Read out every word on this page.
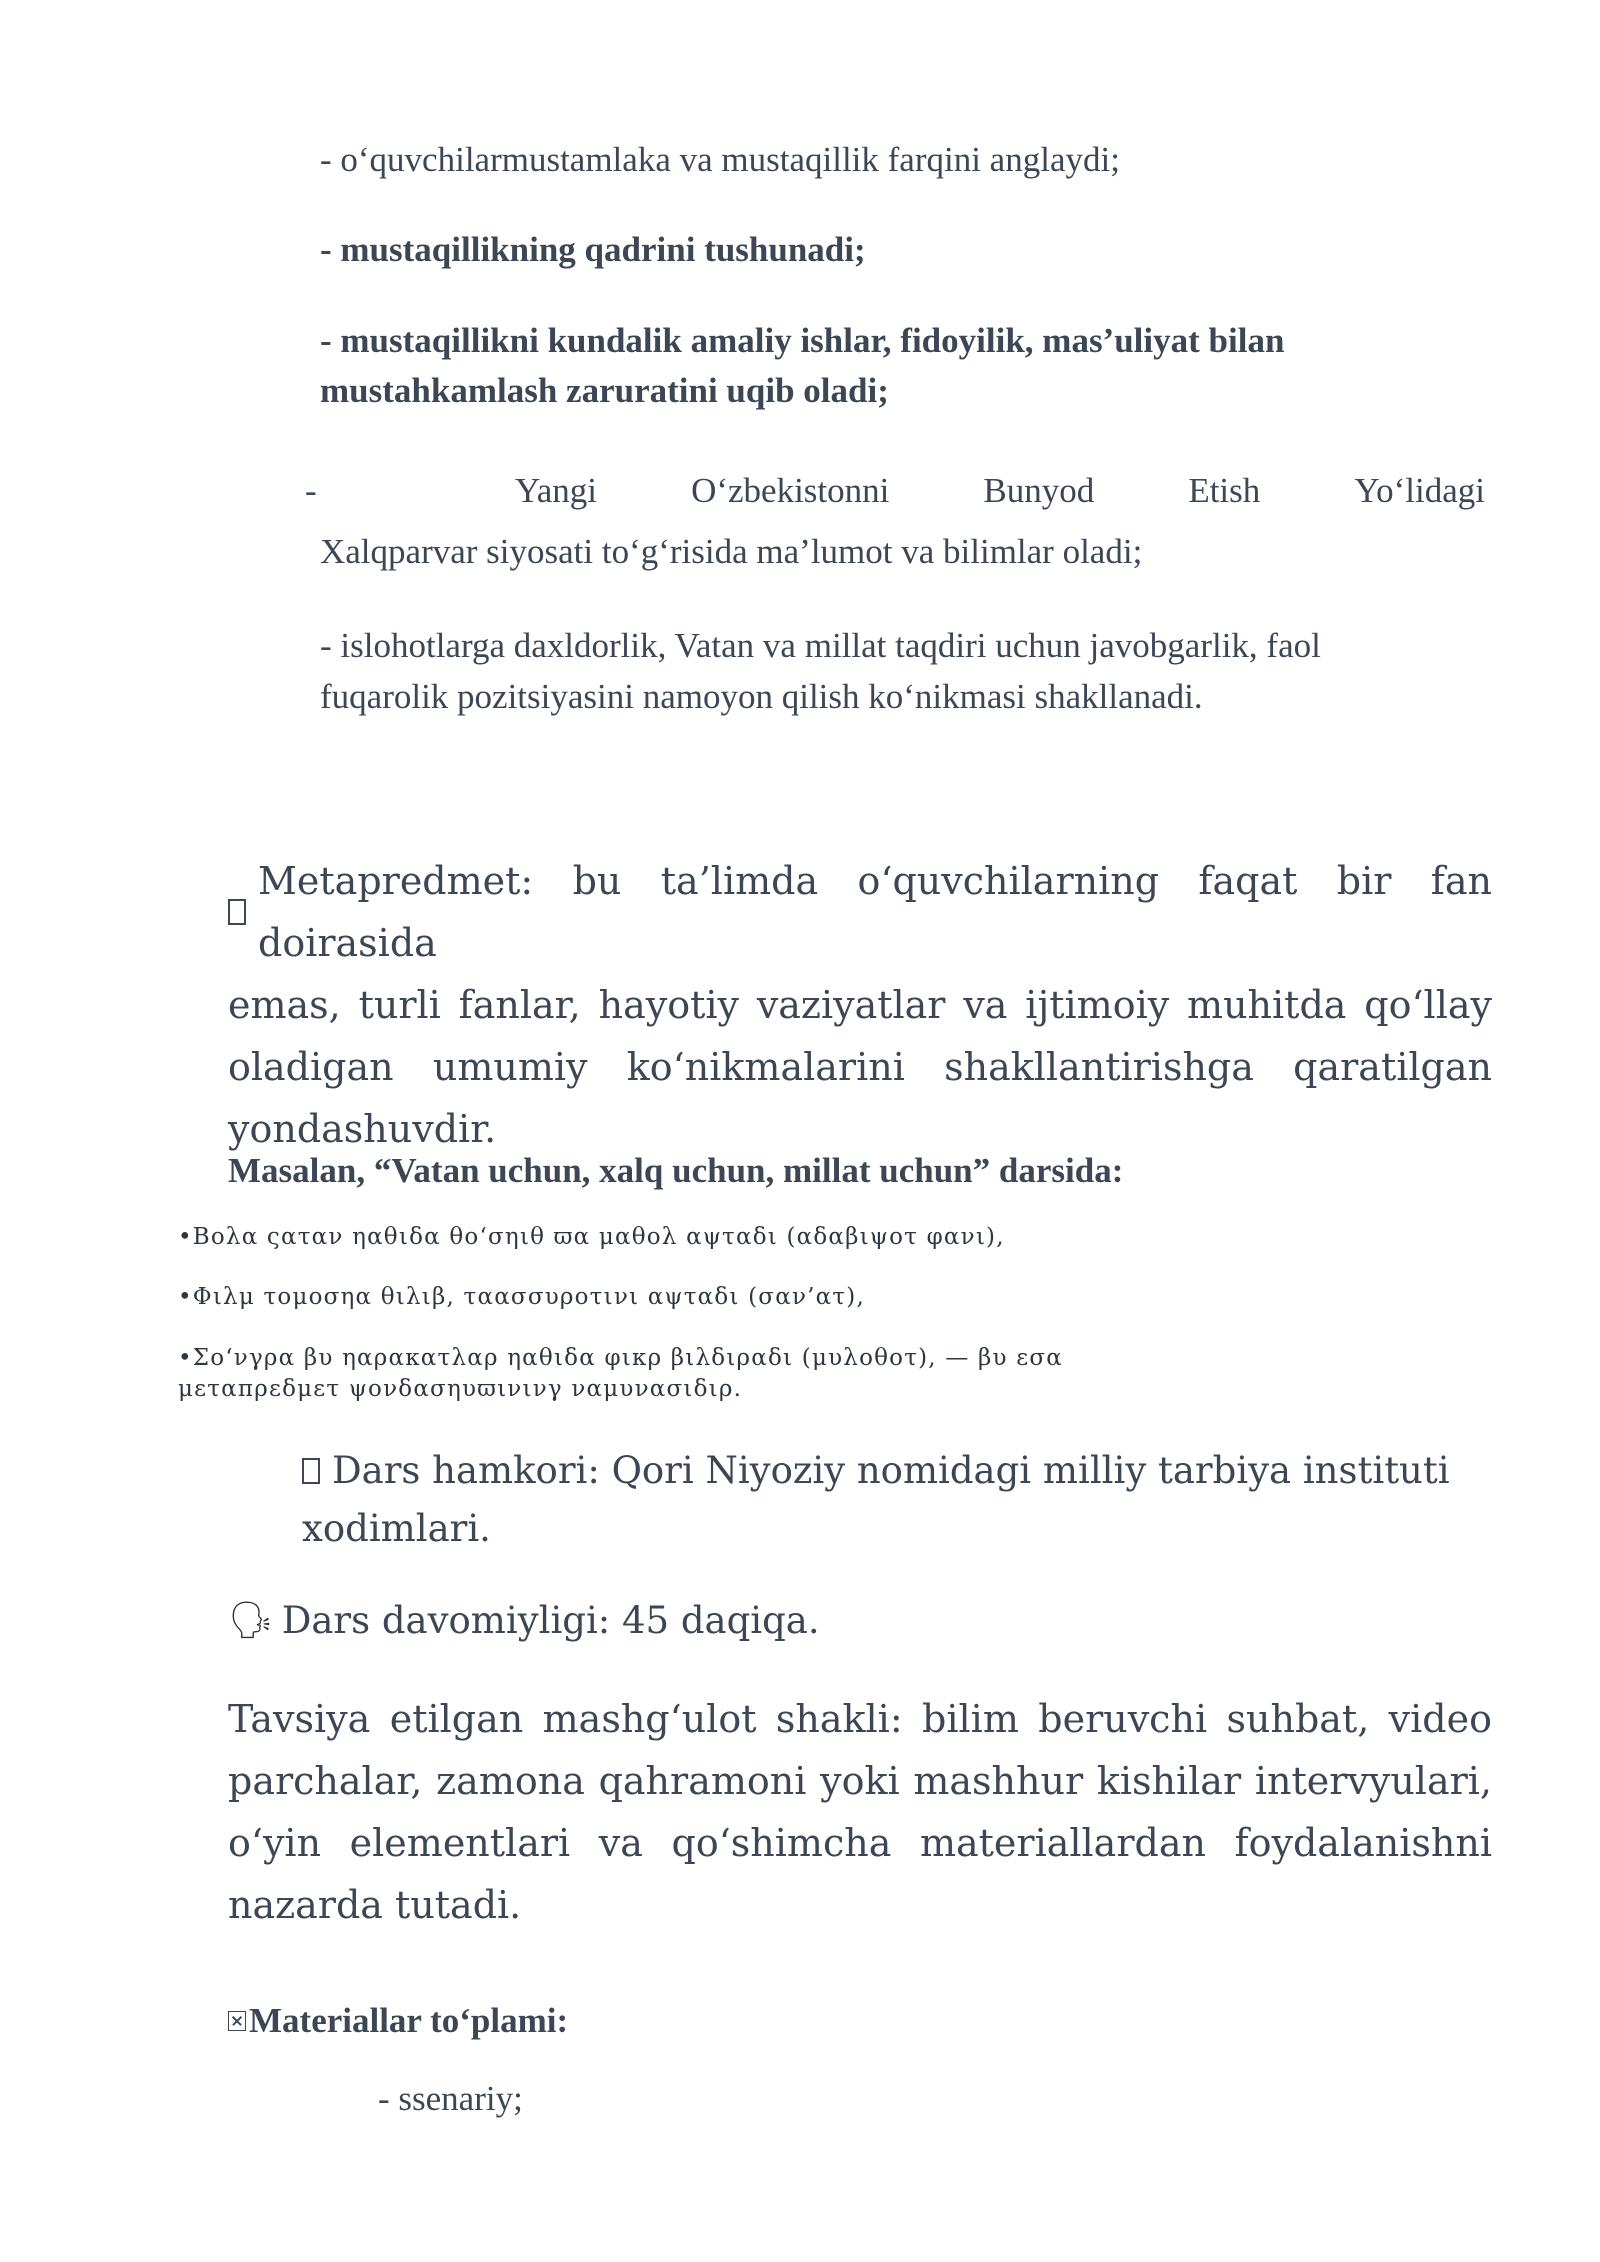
- o‘quvchilarmustamlaka va mustaqillik farqini anglaydi;
- mustaqillikning qadrini tushunadi;
- mustaqillikni kundalik amaliy ishlar, fidoyilik, mas’uliyat bilan
mustahkamlash zaruratini uqib oladi;
-	Yangi	O‘zbekistonni	Bunyod	Etish	Yo‘lidagi
Xalqparvar siyosati to‘g‘risida ma’lumot va bilimlar oladi;
- islohotlarga daxldorlik, Vatan va millat taqdiri uchun javobgarlik, faol
fuqarolik pozitsiyasini namoyon qilish ko‘nikmasi shakllanadi.
Metapredmet: bu ta’limda o‘quvchilarning faqat bir fan doirasida
emas, turli fanlar, hayotiy vaziyatlar va ijtimoiy muhitda qo‘llay
oladigan umumiy ko‘nikmalarini shakllantirishga qaratilgan
yondashuvdir.
Masalan, “Vatan uchun, xalq uchun, millat uchun” darsida:
•Βολα ςαταν ηαθιδα θο‘σηιθ ϖα μαθολ αψταδι (αδαβιψοτ φανι),
•Φιλμ τομοσηα θιλιβ, ταασσυροτινι αψταδι (σαν’ατ),
•Σο‘νγρα βυ ηαρακατλαρ ηαθιδα φικρ βιλδιραδι (μυλοθοτ), — βυ εσα
μεταπρεδμετ ψονδασηυϖινινγ ναμυνασιδιρ.
Dars hamkori: Qori Niyoziy nomidagi milliy tarbiya instituti
xodimlari.
🗣 Dars davomiyligi: 45 daqiqa.
Tavsiya etilgan mashg‘ulot shakli: bilim beruvchi suhbat, video
parchalar, zamona qahramoni yoki mashhur kishilar intervyulari,
o‘yin elementlari va qo‘shimcha materiallardan foydalanishni
nazarda tutadi.
Materiallar to‘plami:
- ssenariy;
